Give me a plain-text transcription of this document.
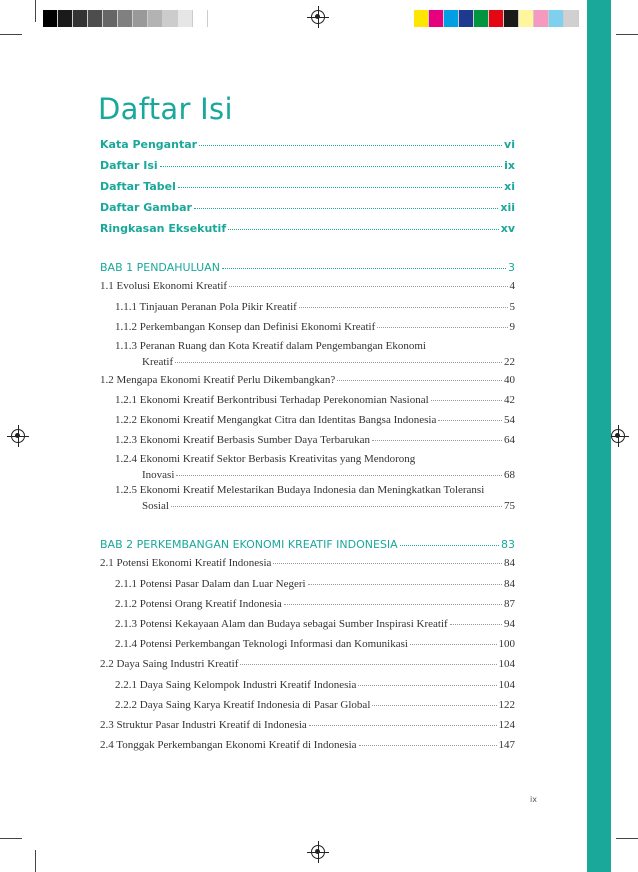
Daftar Isi
Kata Pengantar	vi
Daftar Isi	ix
Daftar Tabel	xi
Daftar Gambar	xii
Ringkasan Eksekutif	xv
BAB 1 PENDAHULUAN	3
1.1 Evolusi Ekonomi Kreatif	4
1.1.1 Tinjauan Peranan Pola Pikir Kreatif	5
1.1.2 Perkembangan Konsep dan Definisi Ekonomi Kreatif	9
1.1.3 Peranan Ruang dan Kota Kreatif dalam Pengembangan Ekonomi
Kreatif	22
1.2 Mengapa Ekonomi Kreatif Perlu Dikembangkan?	40
1.2.1 Ekonomi Kreatif Berkontribusi Terhadap Perekonomian Nasional	42
1.2.2 Ekonomi Kreatif Mengangkat Citra dan Identitas Bangsa Indonesia	54
1.2.3 Ekonomi Kreatif Berbasis Sumber Daya Terbarukan	64
1.2.4 Ekonomi Kreatif Sektor Berbasis Kreativitas yang Mendorong
Inovasi	68
1.2.5 Ekonomi Kreatif Melestarikan Budaya Indonesia dan Meningkatkan Toleransi
Sosial	75
BAB 2 PERKEMBANGAN EKONOMI KREATIF INDONESIA	83
2.1 Potensi Ekonomi Kreatif Indonesia	84
2.1.1 Potensi Pasar Dalam dan Luar Negeri	84
2.1.2 Potensi Orang Kreatif Indonesia	87
2.1.3 Potensi Kekayaan Alam dan Budaya sebagai Sumber Inspirasi Kreatif	94
2.1.4 Potensi Perkembangan Teknologi Informasi dan Komunikasi	100
2.2 Daya Saing Industri Kreatif	104
2.2.1 Daya Saing Kelompok Industri Kreatif Indonesia	104
2.2.2 Daya Saing Karya Kreatif Indonesia di Pasar Global	122
2.3 Struktur Pasar Industri Kreatif di Indonesia	124
2.4 Tonggak Perkembangan Ekonomi Kreatif di Indonesia	147
ix
